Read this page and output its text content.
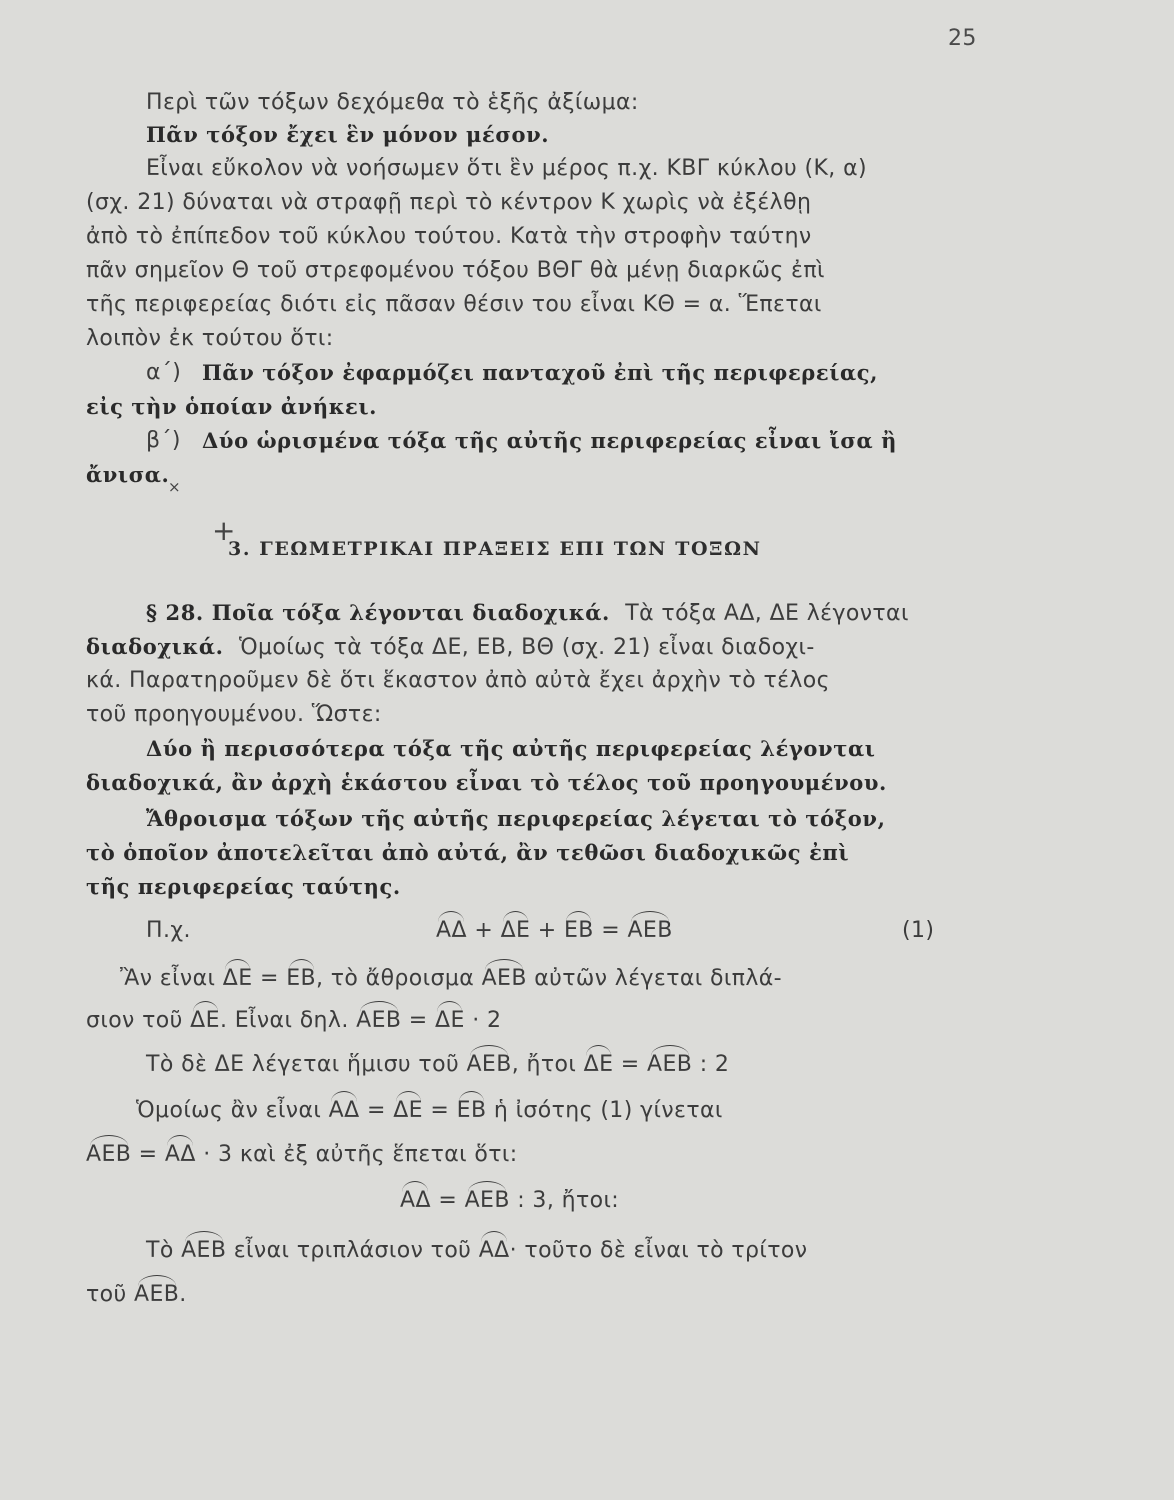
25
Περὶ τῶν τόξων δεχόμεθα τὸ ἑξῆς ἀξίωμα:
Πᾶν τόξον ἔχει ἓν μόνον μέσον.
Εἶναι εὔκολον νὰ νοήσωμεν ὅτι ἓν μέρος π.χ. ΚΒΓ κύκλου (Κ, α)
(σχ. 21) δύναται νὰ στραφῇ περὶ τὸ κέντρον Κ χωρὶς νὰ ἐξέλθῃ
ἀπὸ τὸ ἐπίπεδον τοῦ κύκλου τούτου. Κατὰ τὴν στροφὴν ταύτην
πᾶν σημεῖον Θ τοῦ στρεφομένου τόξου ΒΘΓ θὰ μένῃ διαρκῶς ἐπὶ
τῆς περιφερείας διότι εἰς πᾶσαν θέσιν του εἶναι ΚΘ = α. Ἕπεται
λοιπὸν ἐκ τούτου ὅτι:
α΄) Πᾶν τόξον ἐφαρμόζει πανταχοῦ ἐπὶ τῆς περιφερείας,
εἰς τὴν ὁποίαν ἀνήκει.
β΄) Δύο ὡρισμένα τόξα τῆς αὐτῆς περιφερείας εἶναι ἴσα ἢ
ἄνισα.
×
+
3. ΓΕΩΜΕΤΡΙΚΑΙ ΠΡΑΞΕΙΣ ΕΠΙ ΤΩΝ ΤΟΞΩΝ
§ 28. Ποῖα τόξα λέγονται διαδοχικά. Τὰ τόξα ΑΔ, ΔΕ λέγονται
διαδοχικά. Ὁμοίως τὰ τόξα ΔΕ, ΕΒ, ΒΘ (σχ. 21) εἶναι διαδοχι-
κά. Παρατηροῦμεν δὲ ὅτι ἕκαστον ἀπὸ αὐτὰ ἔχει ἀρχὴν τὸ τέλος
τοῦ προηγουμένου. Ὥστε:
Δύο ἢ περισσότερα τόξα τῆς αὐτῆς περιφερείας λέγονται
διαδοχικά, ἂν ἀρχὴ ἑκάστου εἶναι τὸ τέλος τοῦ προηγουμένου.
Ἄθροισμα τόξων τῆς αὐτῆς περιφερείας λέγεται τὸ τόξον,
τὸ ὁποῖον ἀποτελεῖται ἀπὸ αὐτά, ἂν τεθῶσι διαδοχικῶς ἐπὶ
τῆς περιφερείας ταύτης.
Π.χ.	ΑΔ + ΔΕ + ΕΒ = ΑΕΒ	(1)
Ἂν εἶναι ΔΕ = ΕΒ, τὸ ἄθροισμα ΑΕΒ αὐτῶν λέγεται διπλά-
σιον τοῦ ΔΕ. Εἶναι δηλ. ΑΕΒ = ΔΕ · 2
Τὸ δὲ ΔΕ λέγεται ἥμισυ τοῦ ΑΕΒ, ἤτοι ΔΕ = ΑΕΒ : 2
Ὁμοίως ἂν εἶναι ΑΔ = ΔΕ = ΕΒ ἡ ἰσότης (1) γίνεται
ΑΕΒ = ΑΔ · 3 καὶ ἐξ αὐτῆς ἕπεται ὅτι:
ΑΔ = ΑΕΒ : 3, ἤτοι:
Τὸ ΑΕΒ εἶναι τριπλάσιον τοῦ ΑΔ· τοῦτο δὲ εἶναι τὸ τρίτον
τοῦ ΑΕΒ.
